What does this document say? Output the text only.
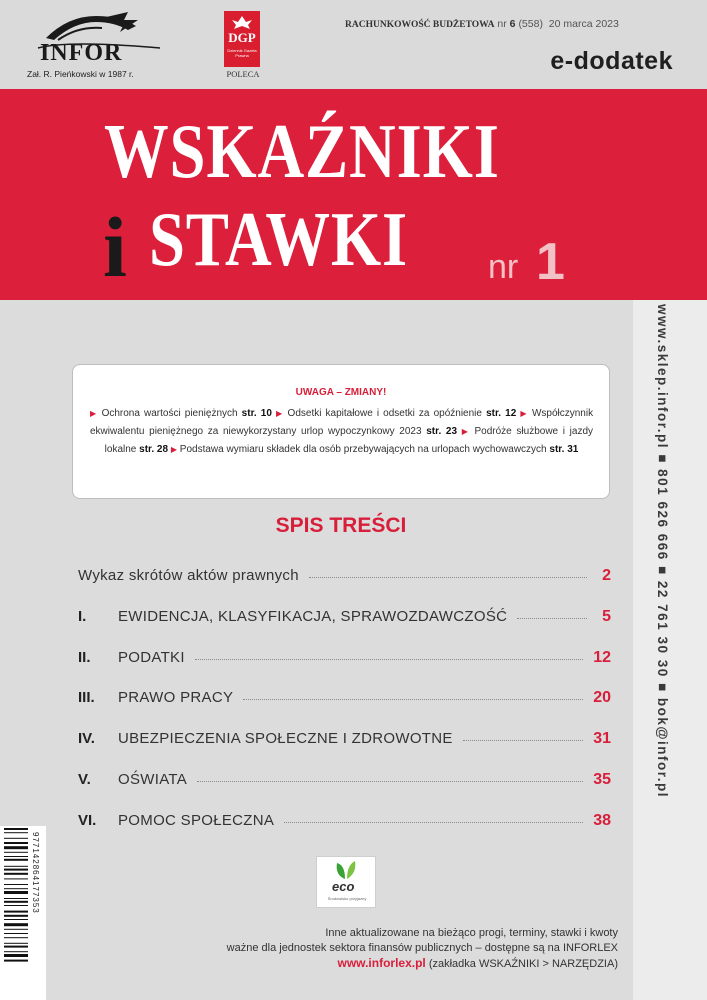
INFOR
Zał. R. Pieńkowski w 1987 r.
DGP
Dziennik Gazeta Prawna
POLECA
RACHUNKOWOŚĆ BUDŻETOWA nr 6 (558) 20 marca 2023
e-dodatek
WSKAŹNIKI
i STAWKI nr 1
www.sklep.infor.pl ■ 801 626 666 ■ 22 761 30 30 ■ bok@infor.pl
UWAGA – ZMIANY!
▶ Ochrona wartości pieniężnych str. 10 ▶ Odsetki kapitałowe i odsetki za opóźnienie str. 12 ▶ Współczynnik ekwiwalentu pieniężnego za niewykorzystany urlop wypoczynkowy 2023 str. 23 ▶ Podróże służbowe i jazdy lokalne str. 28 ▶ Podstawa wymiaru składek dla osób przebywających na urlopach wychowawczych str. 31
SPIS TREŚCI
Wykaz skrótów aktów prawnych	2
I.	EWIDENCJA, KLASYFIKACJA, SPRAWOZDAWCZOŚĆ	5
II.	PODATKI	12
III.	PRAWO PRACY	20
IV.	UBEZPIECZENIA SPOŁECZNE I ZDROWOTNE	31
V.	OŚWIATA	35
VI.	POMOC SPOŁECZNA	38
977142864177353	eco
Środowisko przyjazny
Inne aktualizowane na bieżąco progi, terminy, stawki i kwoty
ważne dla jednostek sektora finansów publicznych – dostępne są na INFORLEX
www.inforlex.pl (zakładka WSKAŹNIKI > NARZĘDZIA)
